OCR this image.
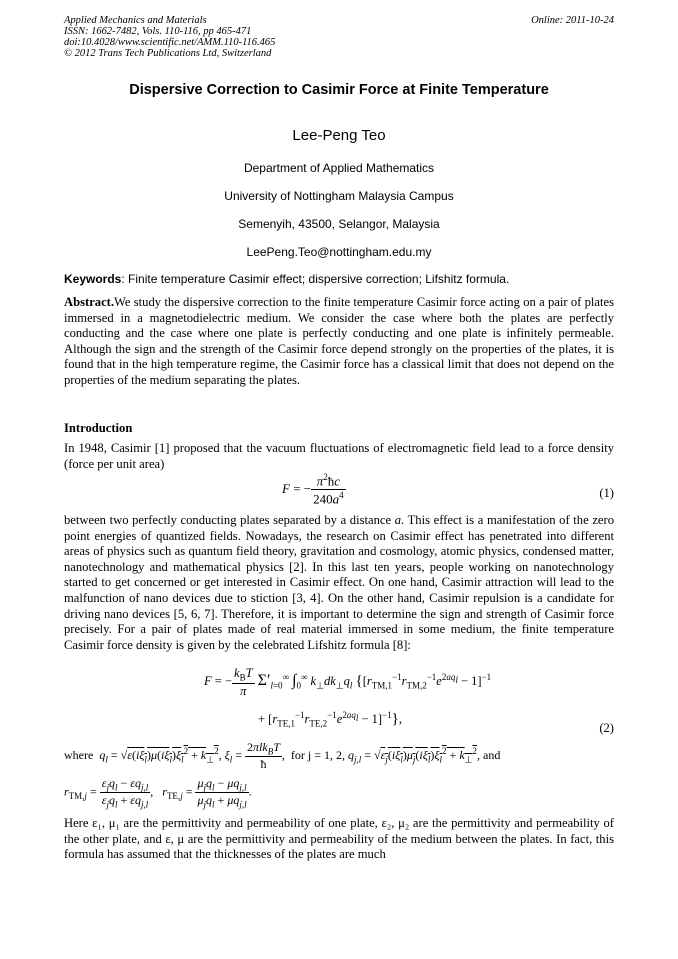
Applied Mechanics and Materials
ISSN: 1662-7482, Vols. 110-116, pp 465-471
doi:10.4028/www.scientific.net/AMM.110-116.465
© 2012 Trans Tech Publications Ltd, Switzerland
Online: 2011-10-24
Dispersive Correction to Casimir Force at Finite Temperature
Lee-Peng Teo
Department of Applied Mathematics
University of Nottingham Malaysia Campus
Semenyih, 43500, Selangor, Malaysia
LeePeng.Teo@nottingham.edu.my
Keywords: Finite temperature Casimir effect; dispersive correction; Lifshitz formula.
Abstract.We study the dispersive correction to the finite temperature Casimir force acting on a pair of plates immersed in a magnetodielectric medium. We consider the case where both the plates are perfectly conducting and the case where one plate is perfectly conducting and one plate is infinitely permeable. Although the sign and the strength of the Casimir force depend strongly on the properties of the plates, it is found that in the high temperature regime, the Casimir force has a classical limit that does not depend on the properties of the medium separating the plates.
Introduction
In 1948, Casimir [1] proposed that the vacuum fluctuations of electromagnetic field lead to a force density (force per unit area)
F = − $\frac{\pi^2ħc}{240a^4}$	(1)
between two perfectly conducting plates separated by a distance a. This effect is a manifestation of the zero point energies of quantized fields. Nowadays, the research on Casimir effect has penetrated into different areas of physics such as quantum field theory, gravitation and cosmology, atomic physics, condensed matter, nanotechnology and mathematical physics [2]. In this last ten years, people working on nanotechnology started to get concerned or get interested in Casimir effect. On one hand, Casimir attraction will lead to the malfunction of nano devices due to stiction [3, 4]. On the other hand, Casimir repulsion is a candidate for driving nano devices [5, 6, 7]. Therefore, it is important to determine the sign and strength of Casimir force precisely. For a pair of plates made of real material immersed in some medium, the finite temperature Casimir force density is given by the celebrated Lifshitz formula [8]:
F = − $\frac{k_BT}{\pi} \Sigma'_{l=0}^\infty$ $\int_0^\infty$ $k_\perp dk_\perp q_l$ {$[r_{TM,1}^{-1}r_{TM,2}^{-1}e^{2aq_l} - 1]^{-1}$
+ $[r_{TE,1}^{-1}r_{TE,2}^{-1}e^{2aq_l} - 1]^{-1}$},
(2)
where $q_l = √\varepsilon(i\xi_l)\mu(i\xi_l)\xi_l^2 + k_\perp^2$, $\xi_l = \frac{2\pi lk_BT}{ħ}$ ,  for j = 1, 2, $q_{j,l} = √\varepsilon_j(i\xi_l)\mu_j(i\xi_l)\xi_l^2 + k_\perp^2$, and
$r_{TM,j} = \frac{\varepsilon_jq_l - \varepsilon q_{j,l}}{\varepsilon_jq_l + \varepsilon q_{j,l}}$ ,   $r_{TE,j} = \frac{\mu_jq_l - \mu q_{j,l}}{\mu_jq_l + \mu q_{j,l}}$ .
Here ε₁, μ₁ are the permittivity and permeability of one plate, ε₂, μ₂ are the permittivity and permeability of the other plate, and ε, μ are the permittivity and permeability of the medium between the plates. In fact, this formula has assumed that the thicknesses of the plates are much
